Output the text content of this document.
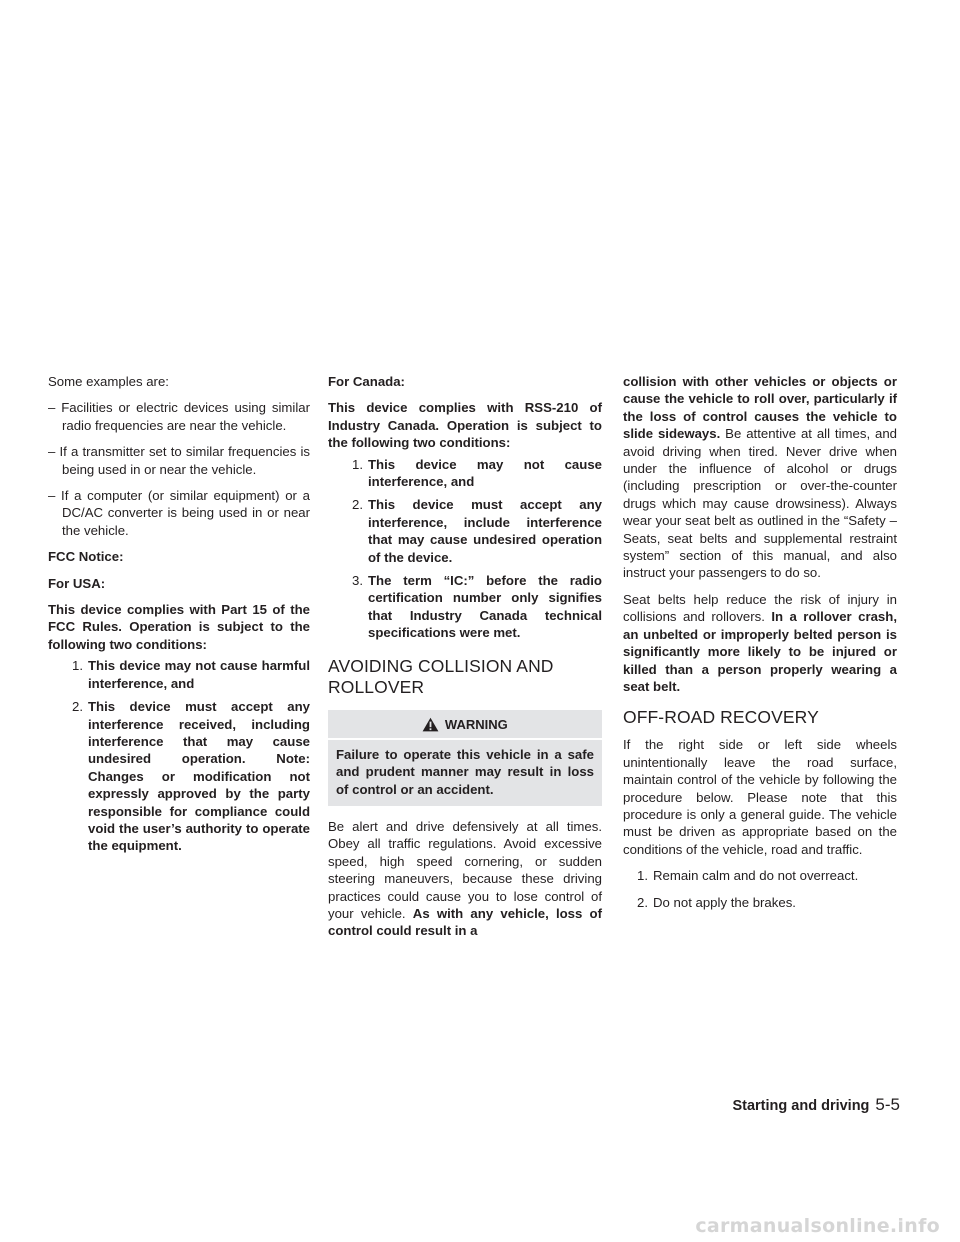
Some examples are:

– Facilities or electric devices using similar radio frequencies are near the vehicle.
– If a transmitter set to similar frequencies is being used in or near the vehicle.
– If a computer (or similar equipment) or a DC/AC converter is being used in or near the vehicle.

FCC Notice:

For USA:

This device complies with Part 15 of the FCC Rules. Operation is subject to the following two conditions:

1. This device may not cause harmful interference, and
2. This device must accept any interference received, including interference that may cause undesired operation. Note: Changes or modification not expressly approved by the party responsible for compliance could void the user’s authority to operate the equipment.

For Canada:

This device complies with RSS-210 of Industry Canada. Operation is subject to the following two conditions:

1. This device may not cause interference, and
2. This device must accept any interference, include interference that may cause undesired operation of the device.
3. The term “IC:” before the radio certification number only signifies that Industry Canada technical specifications were met.
AVOIDING COLLISION AND ROLLOVER
WARNING
Failure to operate this vehicle in a safe and prudent manner may result in loss of control or an accident.

Be alert and drive defensively at all times. Obey all traffic regulations. Avoid excessive speed, high speed cornering, or sudden steering maneuvers, because these driving practices could cause you to lose control of your vehicle. As with any vehicle, loss of control could result in a

collision with other vehicles or objects or cause the vehicle to roll over, particularly if the loss of control causes the vehicle to slide sideways. Be attentive at all times, and avoid driving when tired. Never drive when under the influence of alcohol or drugs (including prescription or over-the-counter drugs which may cause drowsiness). Always wear your seat belt as outlined in the “Safety – Seats, seat belts and supplemental restraint system” section of this manual, and also instruct your passengers to do so.

Seat belts help reduce the risk of injury in collisions and rollovers. In a rollover crash, an unbelted or improperly belted person is significantly more likely to be injured or killed than a person properly wearing a seat belt.

OFF-ROAD RECOVERY

If the right side or left side wheels unintentionally leave the road surface, maintain control of the vehicle by following the procedure below. Please note that this procedure is only a general guide. The vehicle must be driven as appropriate based on the conditions of the vehicle, road and traffic.

1. Remain calm and do not overreact.
2. Do not apply the brakes.
Starting and driving 5-5
carmanualsonline.info
